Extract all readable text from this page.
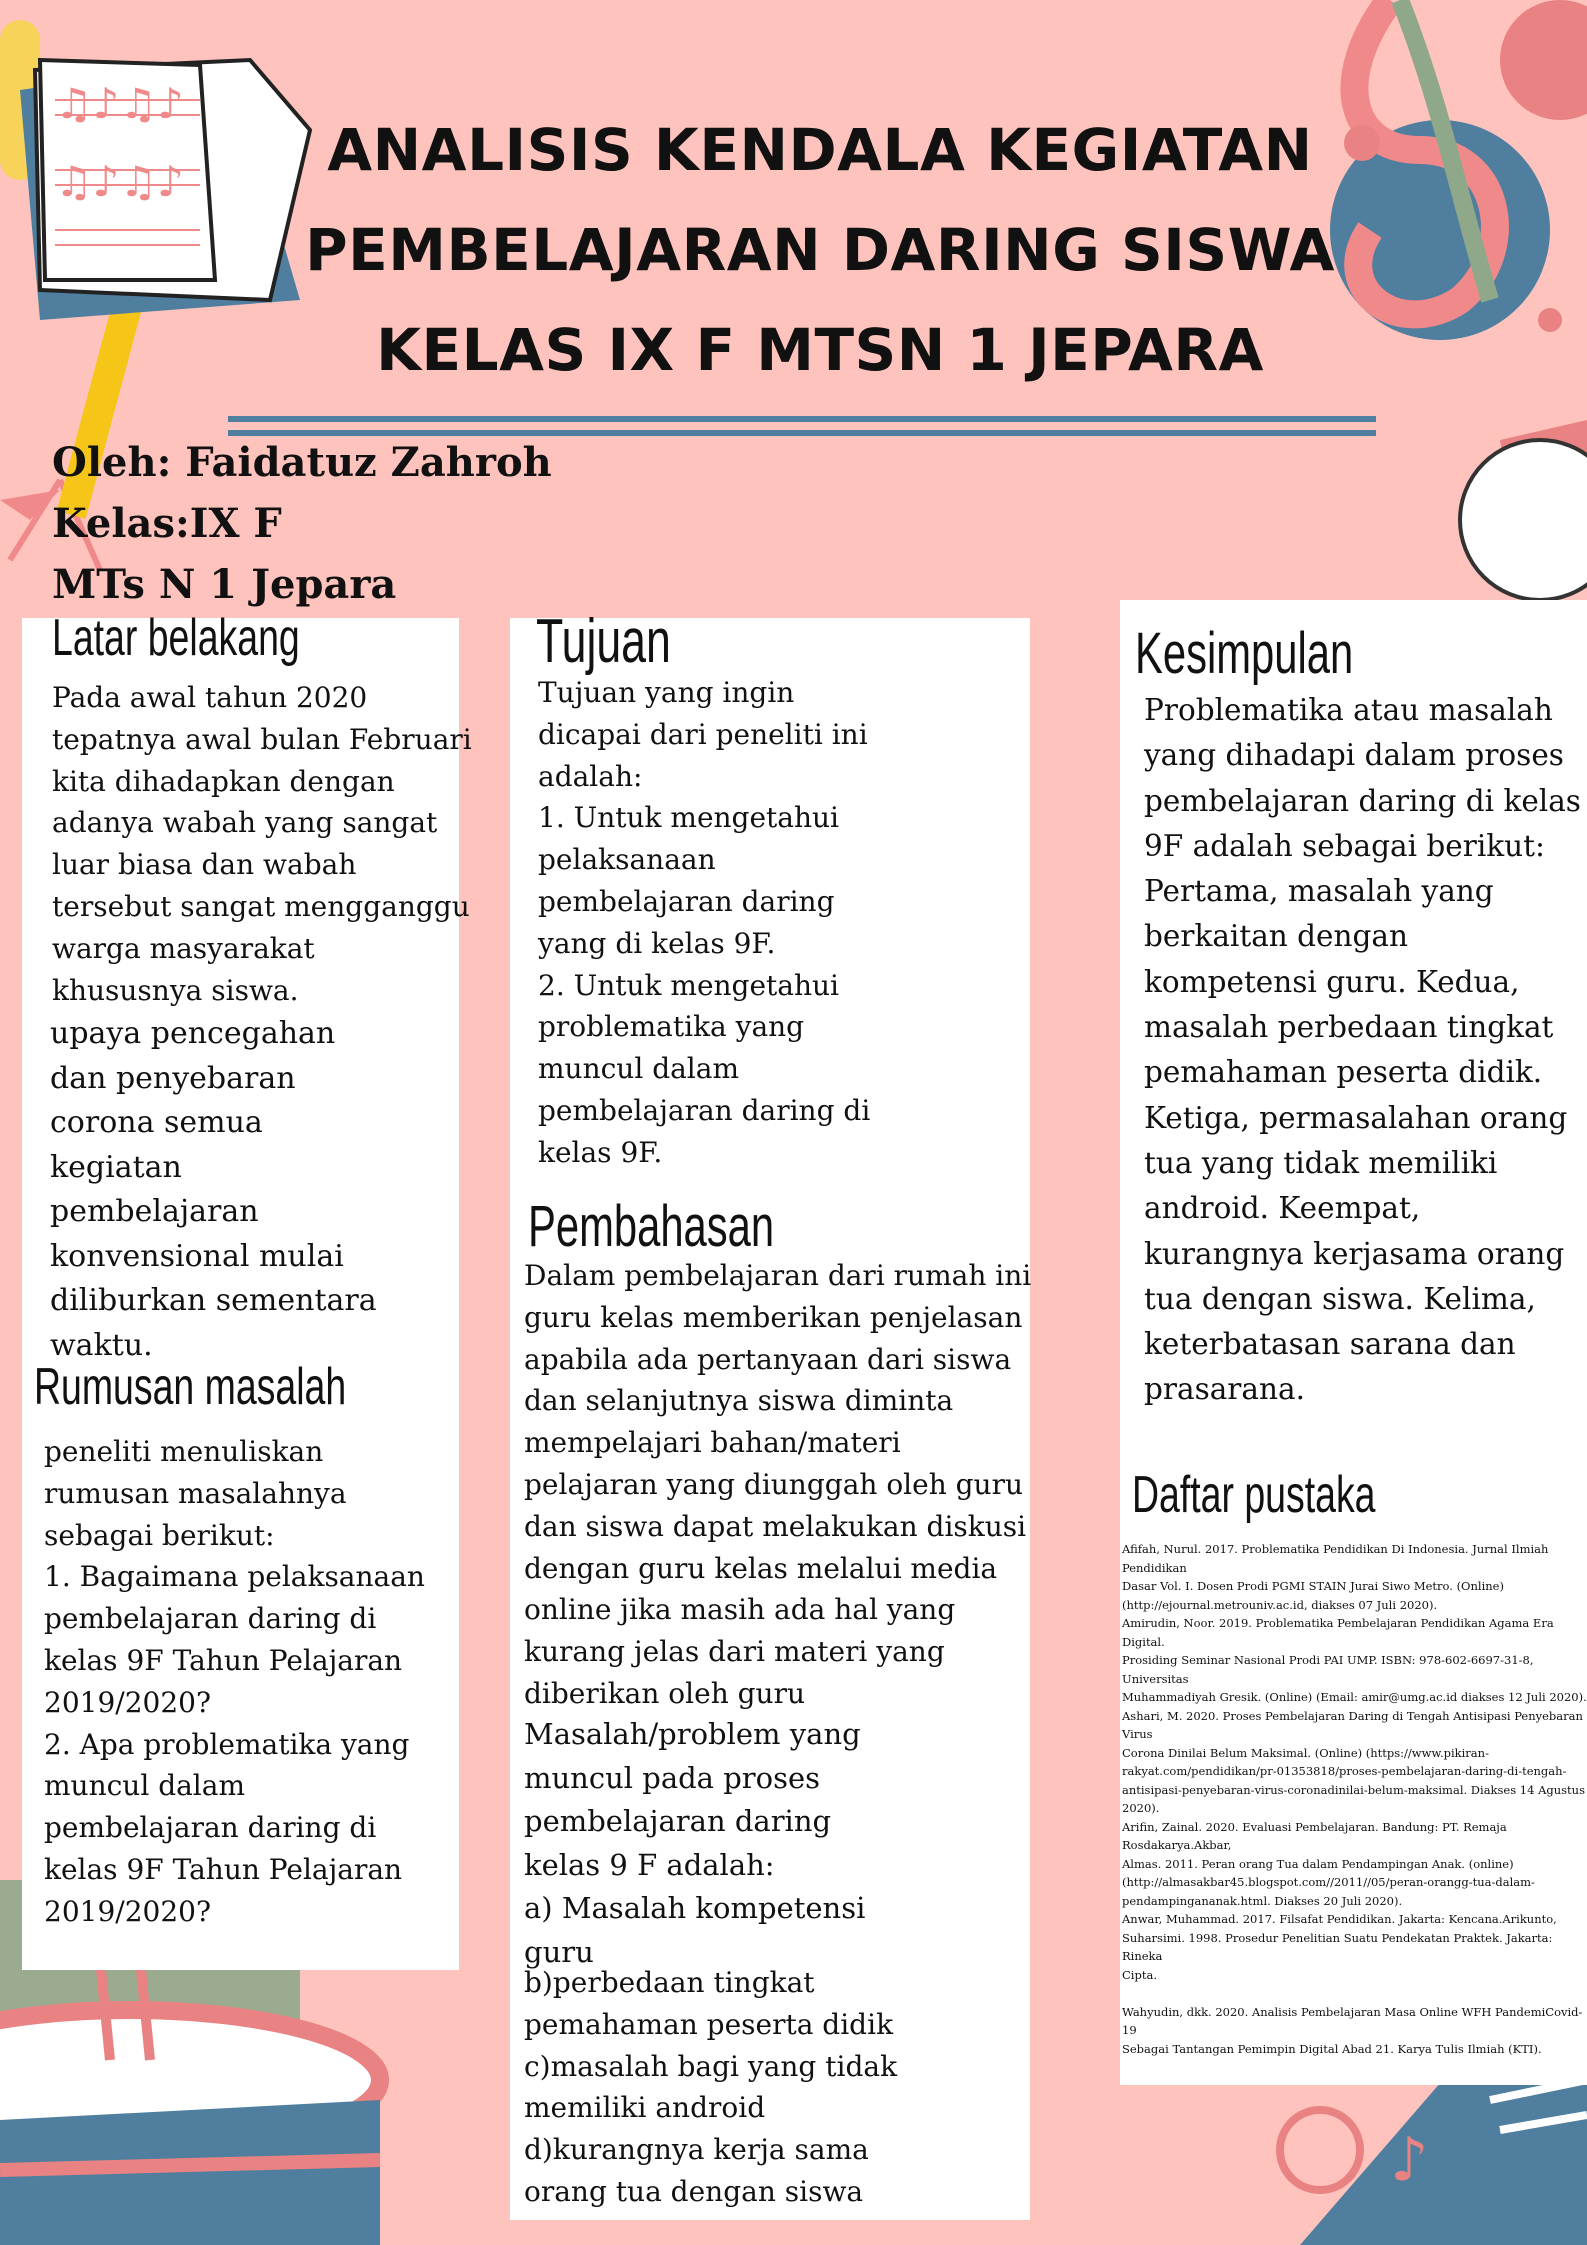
♫♪♫♪
♫♪♫♪
♪
ANALISIS KENDALA KEGIATAN
PEMBELAJARAN DARING SISWA
KELAS IX F MTSN 1 JEPARA
Oleh: Faidatuz Zahroh
Kelas:IX F
MTs N 1 Jepara
Latar belakang
Pada awal tahun 2020
tepatnya awal bulan Februari
kita dihadapkan dengan
adanya wabah yang sangat
luar biasa dan wabah
tersebut sangat mengganggu
warga masyarakat
khususnya siswa.
upaya pencegahan
dan penyebaran
corona semua
kegiatan
pembelajaran
konvensional mulai
diliburkan sementara
waktu.
Rumusan masalah
peneliti menuliskan
rumusan masalahnya
sebagai berikut:
1. Bagaimana pelaksanaan
pembelajaran daring di
kelas 9F Tahun Pelajaran
2019/2020?
2. Apa problematika yang
muncul dalam
pembelajaran daring di
kelas 9F Tahun Pelajaran
2019/2020?
Tujuan
Tujuan yang ingin
dicapai dari peneliti ini
adalah:
1. Untuk mengetahui
pelaksanaan
pembelajaran daring
yang di kelas 9F.
2. Untuk mengetahui
problematika yang
muncul dalam
pembelajaran daring di
kelas 9F.
Pembahasan
Dalam pembelajaran dari rumah ini
guru kelas memberikan penjelasan
apabila ada pertanyaan dari siswa
dan selanjutnya siswa diminta
mempelajari bahan/materi
pelajaran yang diunggah oleh guru
dan siswa dapat melakukan diskusi
dengan guru kelas melalui media
online jika masih ada hal yang
kurang jelas dari materi yang
diberikan oleh guru
Masalah/problem yang
muncul pada proses
pembelajaran daring
kelas 9 F adalah:
a) Masalah kompetensi
guru
b)perbedaan tingkat
pemahaman peserta didik
c)masalah bagi yang tidak
memiliki android
d)kurangnya kerja sama
orang tua dengan siswa
Kesimpulan
Problematika atau masalah
yang dihadapi dalam proses
pembelajaran daring di kelas
9F adalah sebagai berikut:
Pertama, masalah yang
berkaitan dengan
kompetensi guru. Kedua,
masalah perbedaan tingkat
pemahaman peserta didik.
Ketiga, permasalahan orang
tua yang tidak memiliki
android. Keempat,
kurangnya kerjasama orang
tua dengan siswa. Kelima,
keterbatasan sarana dan
prasarana.
Daftar pustaka
Afifah, Nurul. 2017. Problematika Pendidikan Di Indonesia. Jurnal Ilmiah Pendidikan
Dasar Vol. I. Dosen Prodi PGMI STAIN Jurai Siwo Metro. (Online)
(http://ejournal.metrouniv.ac.id, diakses 07 Juli 2020).
Amirudin, Noor. 2019. Problematika Pembelajaran Pendidikan Agama Era Digital.
Prosiding Seminar Nasional Prodi PAI UMP. ISBN: 978-602-6697-31-8, Universitas
Muhammadiyah Gresik. (Online) (Email: amir@umg.ac.id diakses 12 Juli 2020).
Ashari, M. 2020. Proses Pembelajaran Daring di Tengah Antisipasi Penyebaran Virus
Corona Dinilai Belum Maksimal. (Online) (https://www.pikiran-
rakyat.com/pendidikan/pr-01353818/proses-pembelajaran-daring-di-tengah-
antisipasi-penyebaran-virus-coronadinilai-belum-maksimal. Diakses 14 Agustus
2020).
Arifin, Zainal. 2020. Evaluasi Pembelajaran. Bandung: PT. Remaja Rosdakarya.Akbar,
Almas. 2011. Peran orang Tua dalam Pendampingan Anak. (online)
(http://almasakbar45.blogspot.com//2011//05/peran-orangg-tua-dalam-
pendampingananak.html. Diakses 20 Juli 2020).
Anwar, Muhammad. 2017. Filsafat Pendidikan. Jakarta: Kencana.Arikunto,
Suharsimi. 1998. Prosedur Penelitian Suatu Pendekatan Praktek. Jakarta: Rineka
Cipta.

Wahyudin, dkk. 2020. Analisis Pembelajaran Masa Online WFH PandemiCovid-19
Sebagai Tantangan Pemimpin Digital Abad 21. Karya Tulis Ilmiah (KTI).
